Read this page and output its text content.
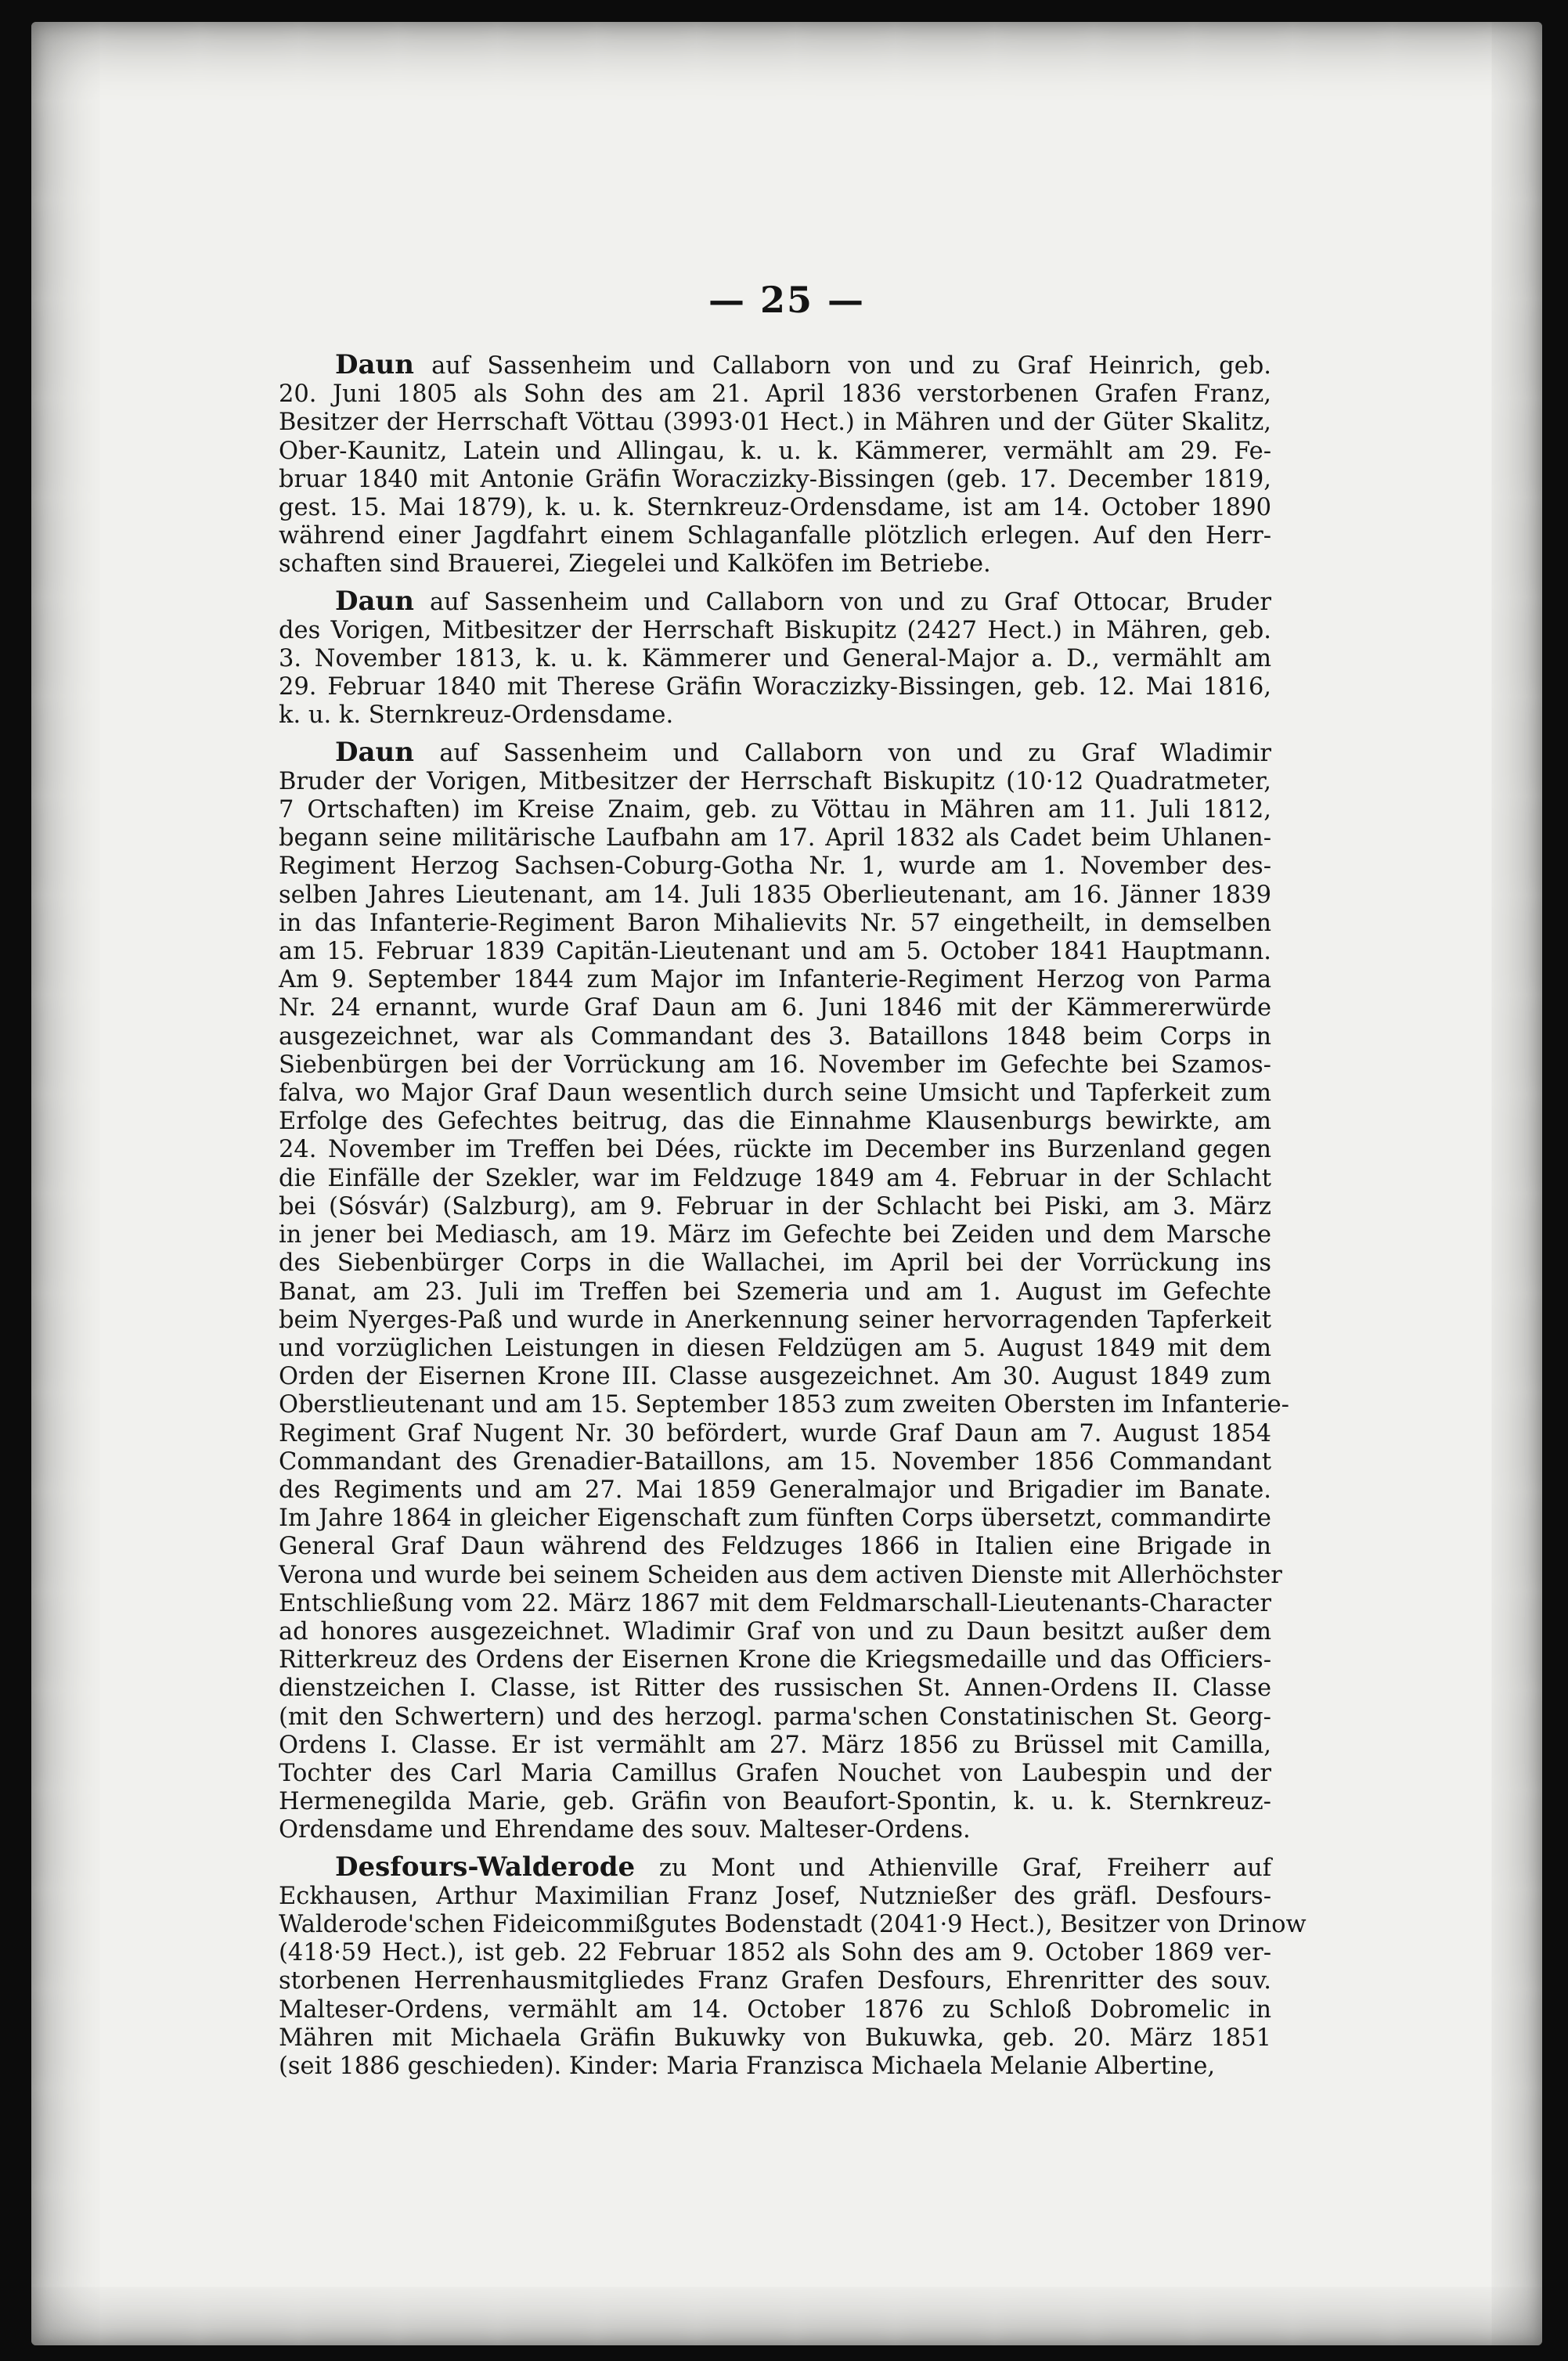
— 25 —
Daun auf Sassenheim und Callaborn von und zu Graf Heinrich, geb.
20. Juni 1805 als Sohn des am 21. April 1836 verstorbenen Grafen Franz,
Besitzer der Herrschaft Vöttau (3993·01 Hect.) in Mähren und der Güter Skalitz,
Ober-Kaunitz, Latein und Allingau, k. u. k. Kämmerer, vermählt am 29. Fe-
bruar 1840 mit Antonie Gräfin Woraczizky-Bissingen (geb. 17. December 1819,
gest. 15. Mai 1879), k. u. k. Sternkreuz-Ordensdame, ist am 14. October 1890
während einer Jagdfahrt einem Schlaganfalle plötzlich erlegen. Auf den Herr-
schaften sind Brauerei, Ziegelei und Kalköfen im Betriebe.
Daun auf Sassenheim und Callaborn von und zu Graf Ottocar, Bruder
des Vorigen, Mitbesitzer der Herrschaft Biskupitz (2427 Hect.) in Mähren, geb.
3. November 1813, k. u. k. Kämmerer und General-Major a. D., vermählt am
29. Februar 1840 mit Therese Gräfin Woraczizky-Bissingen, geb. 12. Mai 1816,
k. u. k. Sternkreuz-Ordensdame.
Daun auf Sassenheim und Callaborn von und zu Graf Wladimir
Bruder der Vorigen, Mitbesitzer der Herrschaft Biskupitz (10·12 Quadratmeter,
7 Ortschaften) im Kreise Znaim, geb. zu Vöttau in Mähren am 11. Juli 1812,
begann seine militärische Laufbahn am 17. April 1832 als Cadet beim Uhlanen-
Regiment Herzog Sachsen-Coburg-Gotha Nr. 1, wurde am 1. November des-
selben Jahres Lieutenant, am 14. Juli 1835 Oberlieutenant, am 16. Jänner 1839
in das Infanterie-Regiment Baron Mihalievits Nr. 57 eingetheilt, in demselben
am 15. Februar 1839 Capitän-Lieutenant und am 5. October 1841 Hauptmann.
Am 9. September 1844 zum Major im Infanterie-Regiment Herzog von Parma
Nr. 24 ernannt, wurde Graf Daun am 6. Juni 1846 mit der Kämmererwürde
ausgezeichnet, war als Commandant des 3. Bataillons 1848 beim Corps in
Siebenbürgen bei der Vorrückung am 16. November im Gefechte bei Szamos-
falva, wo Major Graf Daun wesentlich durch seine Umsicht und Tapferkeit zum
Erfolge des Gefechtes beitrug, das die Einnahme Klausenburgs bewirkte, am
24. November im Treffen bei Dées, rückte im December ins Burzenland gegen
die Einfälle der Szekler, war im Feldzuge 1849 am 4. Februar in der Schlacht
bei (Sósvár) (Salzburg), am 9. Februar in der Schlacht bei Piski, am 3. März
in jener bei Mediasch, am 19. März im Gefechte bei Zeiden und dem Marsche
des Siebenbürger Corps in die Wallachei, im April bei der Vorrückung ins
Banat, am 23. Juli im Treffen bei Szemeria und am 1. August im Gefechte
beim Nyerges-Paß und wurde in Anerkennung seiner hervorragenden Tapferkeit
und vorzüglichen Leistungen in diesen Feldzügen am 5. August 1849 mit dem
Orden der Eisernen Krone III. Classe ausgezeichnet. Am 30. August 1849 zum
Oberstlieutenant und am 15. September 1853 zum zweiten Obersten im Infanterie-
Regiment Graf Nugent Nr. 30 befördert, wurde Graf Daun am 7. August 1854
Commandant des Grenadier-Bataillons, am 15. November 1856 Commandant
des Regiments und am 27. Mai 1859 Generalmajor und Brigadier im Banate.
Im Jahre 1864 in gleicher Eigenschaft zum fünften Corps übersetzt, commandirte
General Graf Daun während des Feldzuges 1866 in Italien eine Brigade in
Verona und wurde bei seinem Scheiden aus dem activen Dienste mit Allerhöchster
Entschließung vom 22. März 1867 mit dem Feldmarschall-Lieutenants-Character
ad honores ausgezeichnet. Wladimir Graf von und zu Daun besitzt außer dem
Ritterkreuz des Ordens der Eisernen Krone die Kriegsmedaille und das Officiers-
dienstzeichen I. Classe, ist Ritter des russischen St. Annen-Ordens II. Classe
(mit den Schwertern) und des herzogl. parma'schen Constatinischen St. Georg-
Ordens I. Classe. Er ist vermählt am 27. März 1856 zu Brüssel mit Camilla,
Tochter des Carl Maria Camillus Grafen Nouchet von Laubespin und der
Hermenegilda Marie, geb. Gräfin von Beaufort-Spontin, k. u. k. Sternkreuz-
Ordensdame und Ehrendame des souv. Malteser-Ordens.
Desfours-Walderode zu Mont und Athienville Graf, Freiherr auf
Eckhausen, Arthur Maximilian Franz Josef, Nutznießer des gräfl. Desfours-
Walderode'schen Fideicommißgutes Bodenstadt (2041·9 Hect.), Besitzer von Drinow
(418·59 Hect.), ist geb. 22 Februar 1852 als Sohn des am 9. October 1869 ver-
storbenen Herrenhausmitgliedes Franz Grafen Desfours, Ehrenritter des souv.
Malteser-Ordens, vermählt am 14. October 1876 zu Schloß Dobromelic in
Mähren mit Michaela Gräfin Bukuwky von Bukuwka, geb. 20. März 1851
(seit 1886 geschieden). Kinder: Maria Franzisca Michaela Melanie Albertine,
